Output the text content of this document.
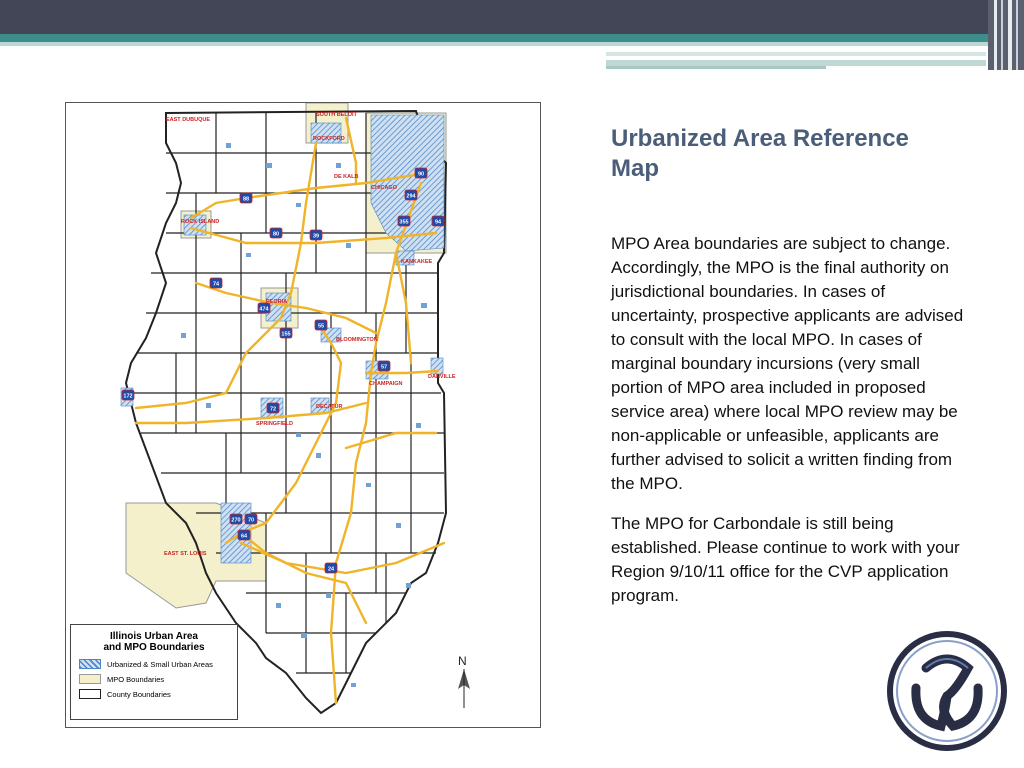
90
294
355	94
88
80	39
74
474
55
155
57
72
172
270 70
64
24
EAST DUBUQUE
SOUTH BELOIT
ROCKFORD
DE KALB
CHICAGO
ROCK ISLAND
KANKAKEE
PEORIA
BLOOMINGTON
CHAMPAIGN
DANVILLE
DECATUR
SPRINGFIELD
EAST ST. LOUIS
N
Illinois Urban Area
and MPO Boundaries
Urbanized & Small Urban Areas
MPO Boundaries
County Boundaries
Urbanized Area Reference Map

MPO Area boundaries are subject to change. Accordingly, the MPO is the final authority on jurisdictional boundaries. In cases of uncertainty, prospective applicants are advised to consult with the local MPO. In cases of marginal boundary incursions (very small portion of MPO area included in proposed service area) where local MPO review may be non-applicable or unfeasible, applicants are further advised to solicit a written finding from the MPO.

The MPO for Carbondale is still being established. Please continue to work with your Region 9/10/11 office for the CVP application program.
